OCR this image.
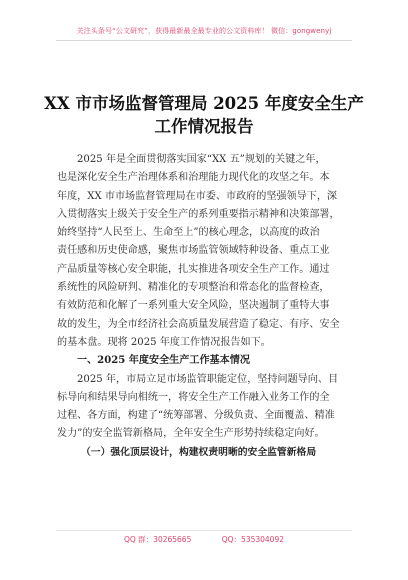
关注头条号“公文研究”，获得最新最全最专业的公文资料库！ 微信：gongwenyj
XX 市市场监督管理局 2025 年度安全生产
工作情况报告
2025 年是全面贯彻落实国家“XX 五”规划的关键之年，
也是深化安全生产治理体系和治理能力现代化的攻坚之年。本
年度，XX 市市场监督管理局在市委、市政府的坚强领导下，深
入贯彻落实上级关于安全生产的系列重要指示精神和决策部署，
始终坚持“人民至上、生命至上”的核心理念，以高度的政治
责任感和历史使命感，聚焦市场监管领域特种设备、重点工业
产品质量等核心安全职能，扎实推进各项安全生产工作。通过
系统性的风险研判、精准化的专项整治和常态化的监督检查，
有效防范和化解了一系列重大安全风险，坚决遏制了重特大事
故的发生，为全市经济社会高质量发展营造了稳定、有序、安全
的基本盘。现将 2025 年度工作情况报告如下。
一、2025 年度安全生产工作基本情况
2025 年，市局立足市场监管职能定位，坚持问题导向、目
标导向和结果导向相统一，将安全生产工作融入业务工作的全
过程、各方面，构建了“统筹部署、分级负责、全面覆盖、精准
发力”的安全监管新格局，全年安全生产形势持续稳定向好。
（一）强化顶层设计，构建权责明晰的安全监管新格局
QQ 群：30265665	QQ：535304092
